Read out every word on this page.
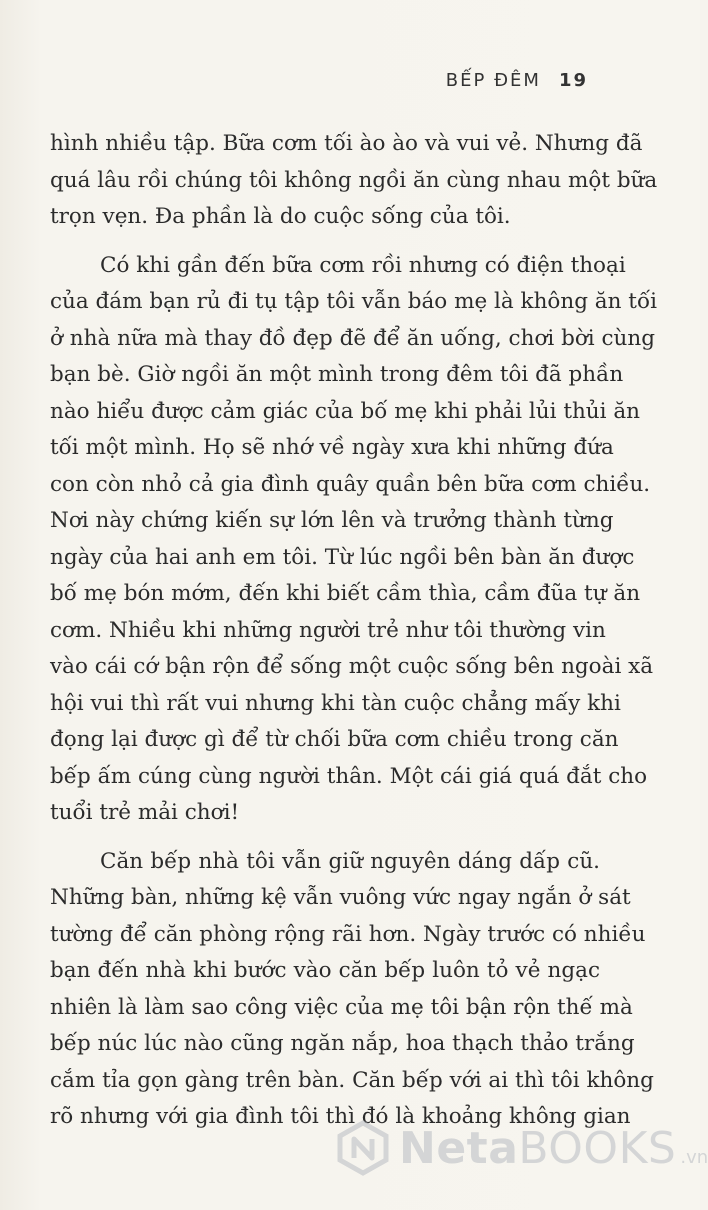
BẾP ĐÊM 19
hình nhiều tập. Bữa cơm tối ào ào và vui vẻ. Nhưng đã
quá lâu rồi chúng tôi không ngồi ăn cùng nhau một bữa
trọn vẹn. Đa phần là do cuộc sống của tôi.
Có khi gần đến bữa cơm rồi nhưng có điện thoại
của đám bạn rủ đi tụ tập tôi vẫn báo mẹ là không ăn tối
ở nhà nữa mà thay đồ đẹp đẽ để ăn uống, chơi bời cùng
bạn bè. Giờ ngồi ăn một mình trong đêm tôi đã phần
nào hiểu được cảm giác của bố mẹ khi phải lủi thủi ăn
tối một mình. Họ sẽ nhớ về ngày xưa khi những đứa
con còn nhỏ cả gia đình quây quần bên bữa cơm chiều.
Nơi này chứng kiến sự lớn lên và trưởng thành từng
ngày của hai anh em tôi. Từ lúc ngồi bên bàn ăn được
bố mẹ bón mớm, đến khi biết cầm thìa, cầm đũa tự ăn
cơm. Nhiều khi những người trẻ như tôi thường vin
vào cái cớ bận rộn để sống một cuộc sống bên ngoài xã
hội vui thì rất vui nhưng khi tàn cuộc chẳng mấy khi
đọng lại được gì để từ chối bữa cơm chiều trong căn
bếp ấm cúng cùng người thân. Một cái giá quá đắt cho
tuổi trẻ mải chơi!
Căn bếp nhà tôi vẫn giữ nguyên dáng dấp cũ.
Những bàn, những kệ vẫn vuông vức ngay ngắn ở sát
tường để căn phòng rộng rãi hơn. Ngày trước có nhiều
bạn đến nhà khi bước vào căn bếp luôn tỏ vẻ ngạc
nhiên là làm sao công việc của mẹ tôi bận rộn thế mà
bếp núc lúc nào cũng ngăn nắp, hoa thạch thảo trắng
cắm tỉa gọn gàng trên bàn. Căn bếp với ai thì tôi không
rõ nhưng với gia đình tôi thì đó là khoảng không gian
NetaBOOKS .vn
